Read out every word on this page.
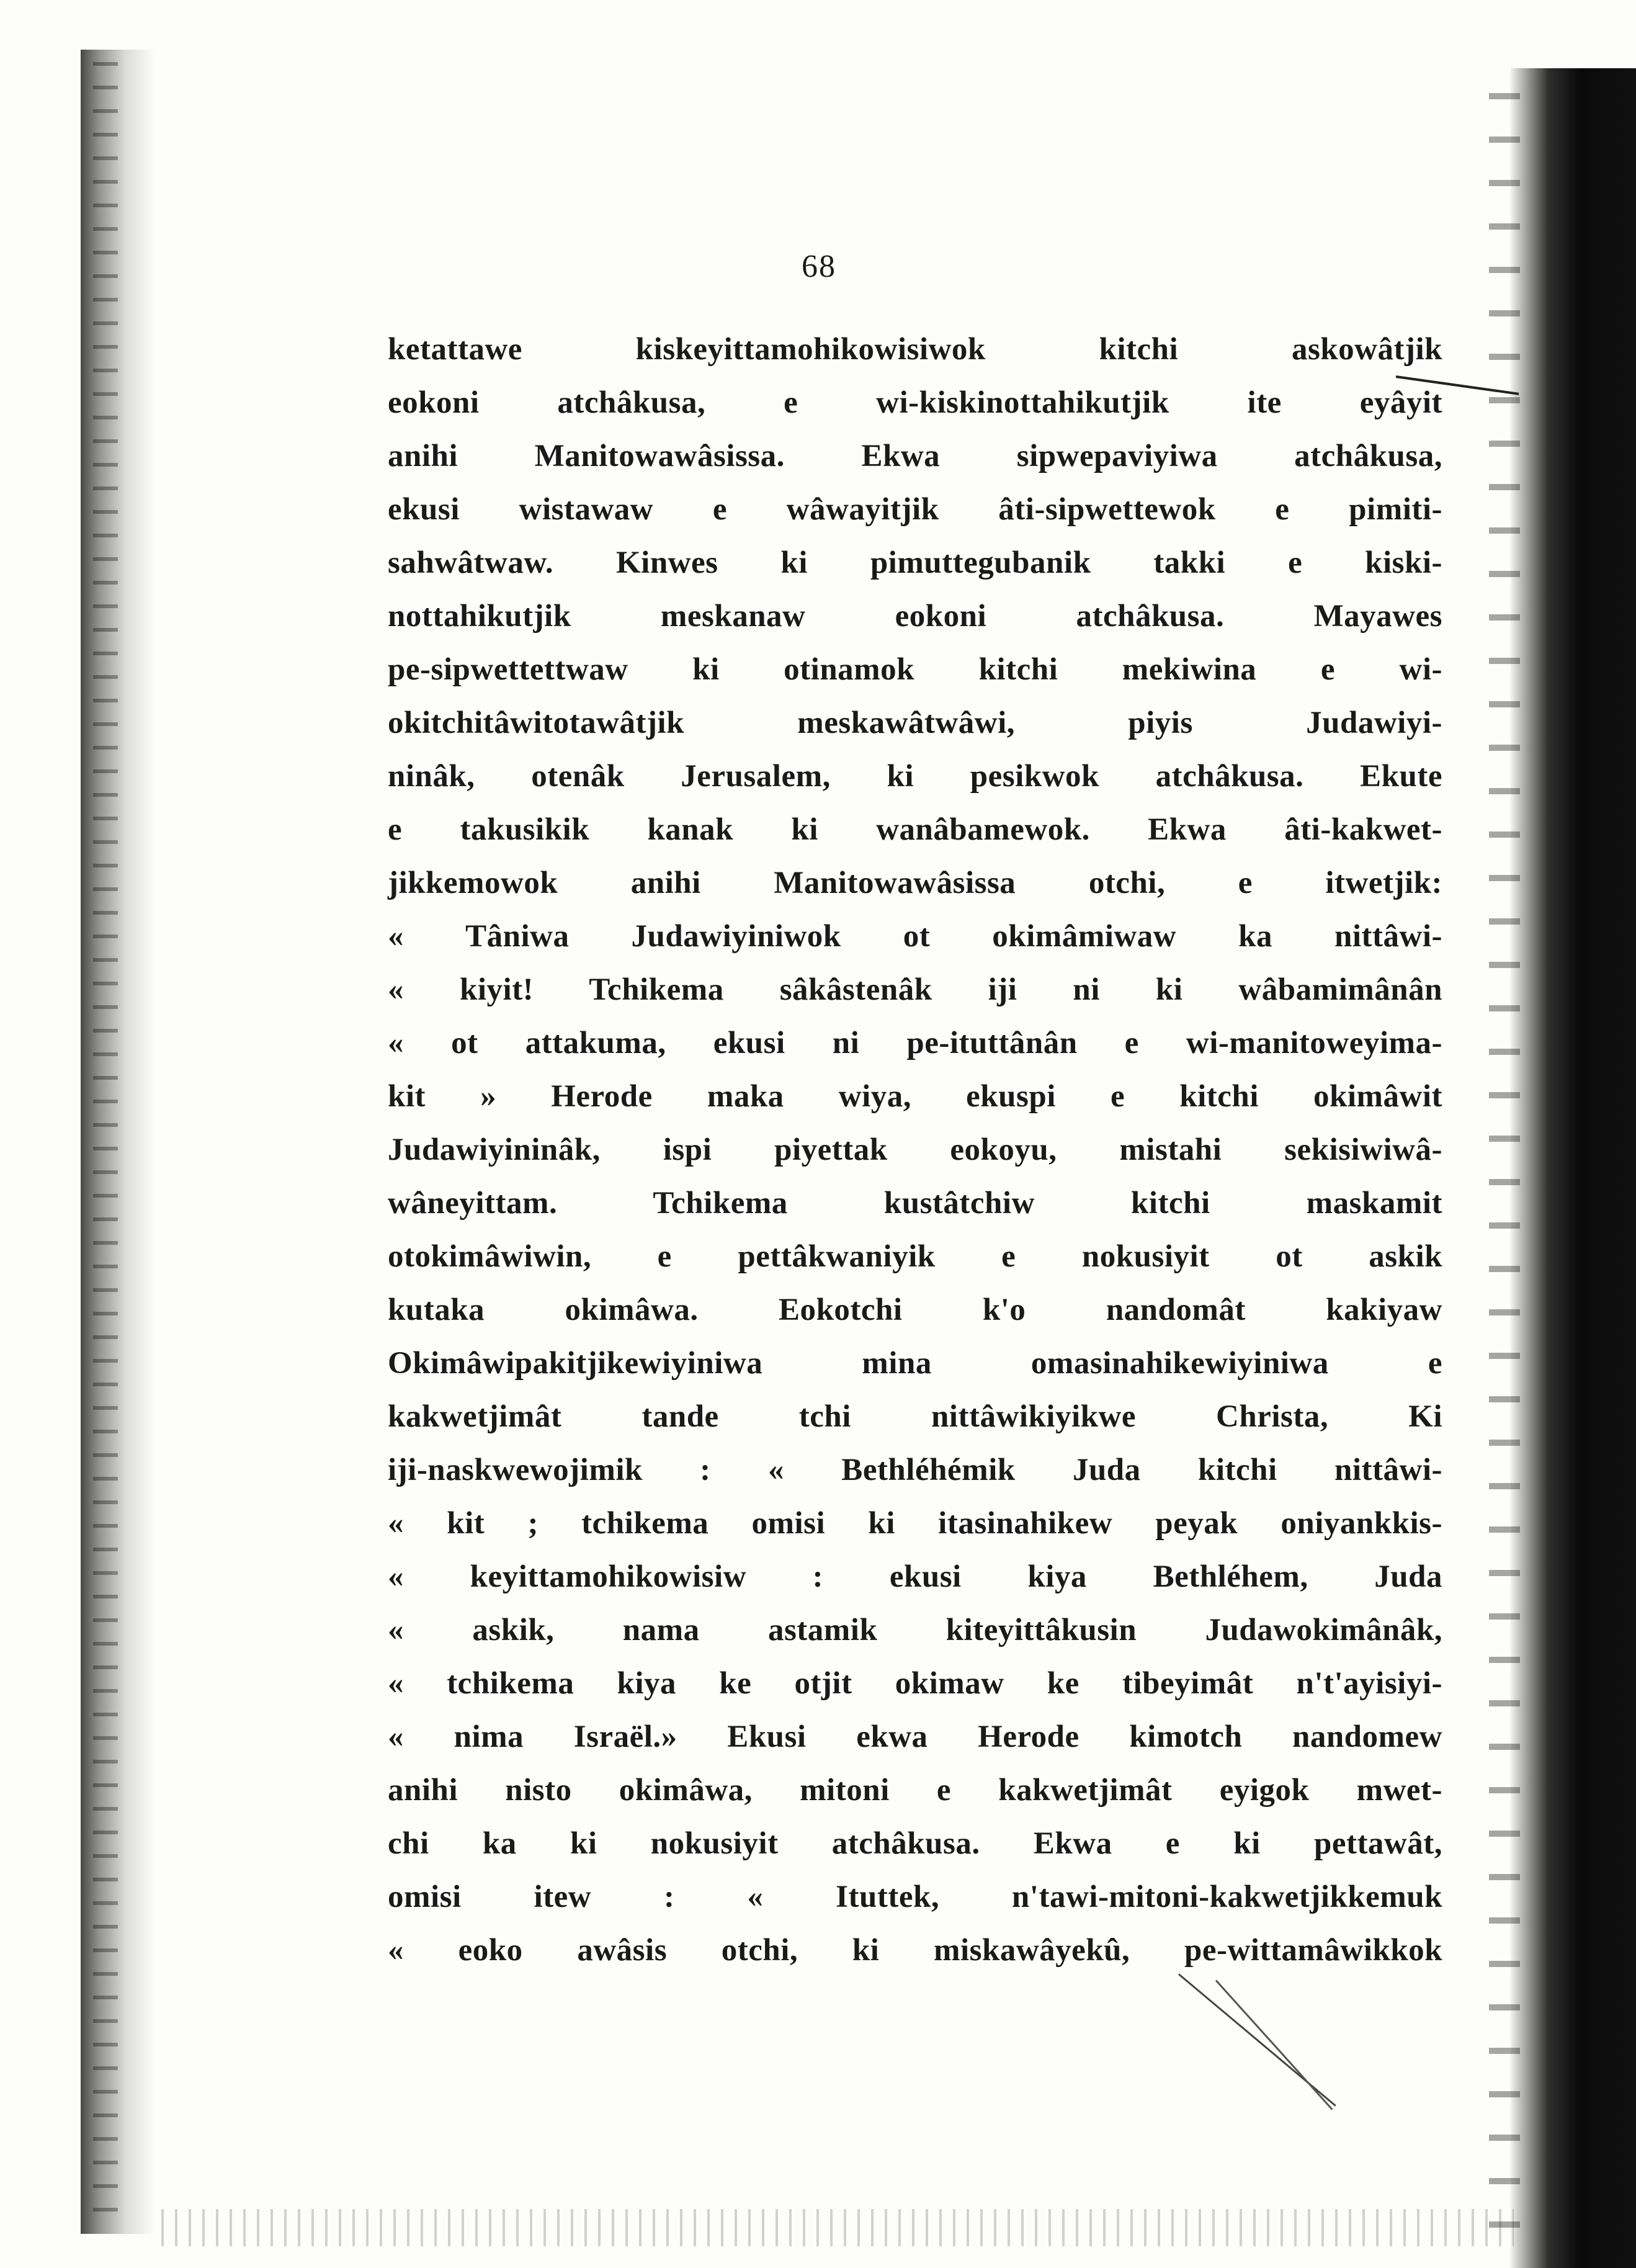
68
ketattawe kiskeyittamohikowisiwok kitchi askowâtjik
eokoni atchâkusa, e wi-kiskinottahikutjik ite eyâyit
anihi Manitowawâsissa. Ekwa sipwepaviyiwa atchâkusa,
ekusi wistawaw e wâwayitjik âti-sipwettewok e pimiti-
sahwâtwaw. Kinwes ki pimuttegubanik takki e kiski-
nottahikutjik meskanaw eokoni atchâkusa. Mayawes
pe-sipwettettwaw ki otinamok kitchi mekiwina e wi-
okitchitâwitotawâtjik meskawâtwâwi, piyis Judawiyi-
ninâk, otenâk Jerusalem, ki pesikwok atchâkusa. Ekute
e takusikik kanak ki wanâbamewok. Ekwa âti-kakwet-
jikkemowok anihi Manitowawâsissa otchi, e itwetjik:
« Tâniwa Judawiyiniwok ot okimâmiwaw ka nittâwi-
« kiyit! Tchikema sâkâstenâk iji ni ki wâbamimânân
« ot attakuma, ekusi ni pe-ituttânân e wi-manitoweyima-
kit » Herode maka wiya, ekuspi e kitchi okimâwit
Judawiyininâk, ispi piyettak eokoyu, mistahi sekisiwiwâ-
wâneyittam. Tchikema kustâtchiw kitchi maskamit
otokimâwiwin, e pettâkwaniyik e nokusiyit ot askik
kutaka okimâwa. Eokotchi k'o nandomât kakiyaw
Okimâwipakitjikewiyiniwa mina omasinahikewiyiniwa e
kakwetjimât tande tchi nittâwikiyikwe Christa, Ki
iji-naskwewojimik : « Bethléhémik Juda kitchi nittâwi-
« kit ; tchikema omisi ki itasinahikew peyak oniyankkis-
« keyittamohikowisiw : ekusi kiya Bethléhem, Juda
« askik, nama astamik kiteyittâkusin Judawokimânâk,
« tchikema kiya ke otjit okimaw ke tibeyimât n't'ayisiyi-
« nima Israël.» Ekusi ekwa Herode kimotch nandomew
anihi nisto okimâwa, mitoni e kakwetjimât eyigok mwet-
chi ka ki nokusiyit atchâkusa. Ekwa e ki pettawât,
omisi itew : « Ituttek, n'tawi-mitoni-kakwetjikkemuk
« eoko awâsis otchi, ki miskawâyekû, pe-wittamâwikkok
